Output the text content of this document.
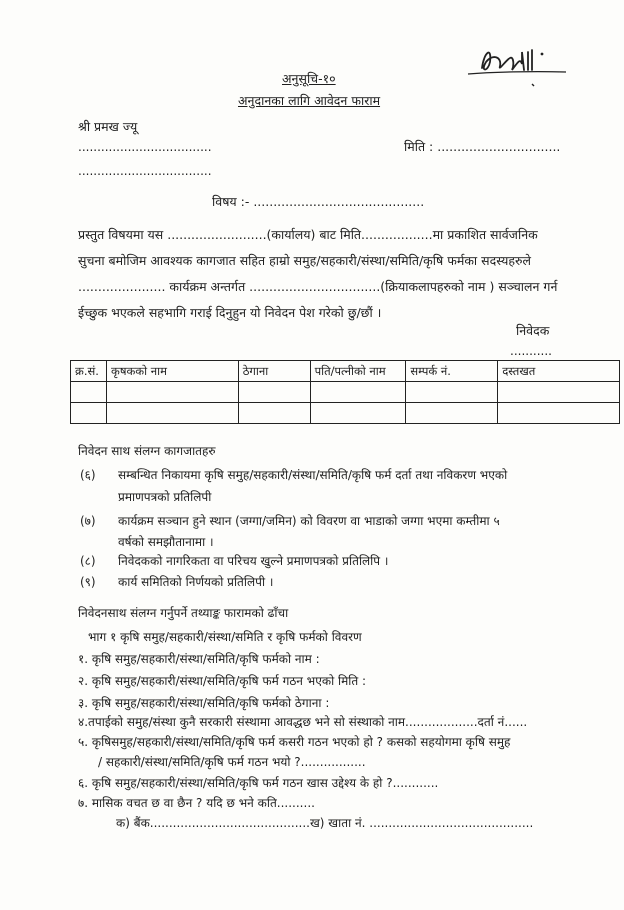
अनुसूचि-१०
अनुदानका लागि आवेदन फाराम
श्री प्रमख ज्यू
...................................
...................................
मिति : ...............................
विषय :- ...........................................
प्रस्तुत विषयमा यस .........................(कार्यालय) बाट मिति..................मा प्रकाशित सार्वजनिक
सुचना बमोजिम आवश्यक कागजात सहित हाम्रो समुह/सहकारी/संस्था/समिति/कृषि फर्मका सदस्यहरुले
...................... कार्यक्रम अन्तर्गत .................................(क्रियाकलापहरुको नाम ) सञ्चालन गर्न
ईच्छुक भएकले सहभागि गराई दिनुहुन यो निवेदन पेश गरेको छु/छौं ।
निवेदक
...........
क्र.सं.	कृषकको नाम	ठेगाना	पति/पत्नीको नाम	सम्पर्क नं.	दस्तखत

निवेदन साथ संलग्न कागजातहरु
(६) सम्बन्धित निकायमा कृषि समुह/सहकारी/संस्था/समिति/कृषि फर्म दर्ता तथा नविकरण भएको
प्रमाणपत्रको प्रतिलिपी
(७) कार्यक्रम सञ्चान हुने स्थान (जग्गा/जमिन) को विवरण वा भाडाको जग्गा भएमा कम्तीमा ५
वर्षको समझौतानामा ।
(८) निवेदकको नागरिकता वा परिचय खुल्ने प्रमाणपत्रको प्रतिलिपि ।
(९) कार्य समितिको निर्णयको प्रतिलिपी ।
निवेदनसाथ संलग्न गर्नुपर्ने तथ्याङ्क फारामको ढाँचा
भाग १ कृषि समुह/सहकारी/संस्था/समिति र कृषि फर्मको विवरण
१. कृषि समुह/सहकारी/संस्था/समिति/कृषि फर्मको नाम :
२. कृषि समुह/सहकारी/संस्था/समिति/कृषि फर्म गठन भएको मिति :
३. कृषि समुह/सहकारी/संस्था/समिति/कृषि फर्मको ठेगाना :
४.तपाईको समुह/संस्था कुनै सरकारी संस्थामा आवद्धछ भने सो संस्थाको नाम...................दर्ता नं......
५. कृषिसमुह/सहकारी/संस्था/समिति/कृषि फर्म कसरी गठन भएको हो ? कसको सहयोगमा कृषि समुह
/ सहकारी/संस्था/समिति/कृषि फर्म गठन भयो ?.................
६. कृषि समुह/सहकारी/संस्था/समिति/कृषि फर्म गठन खास उद्देश्य के हो ?............
७. मासिक वचत छ वा छैन ? यदि छ भने कति..........
क) बैंक..........................................ख) खाता नं. ...........................................
